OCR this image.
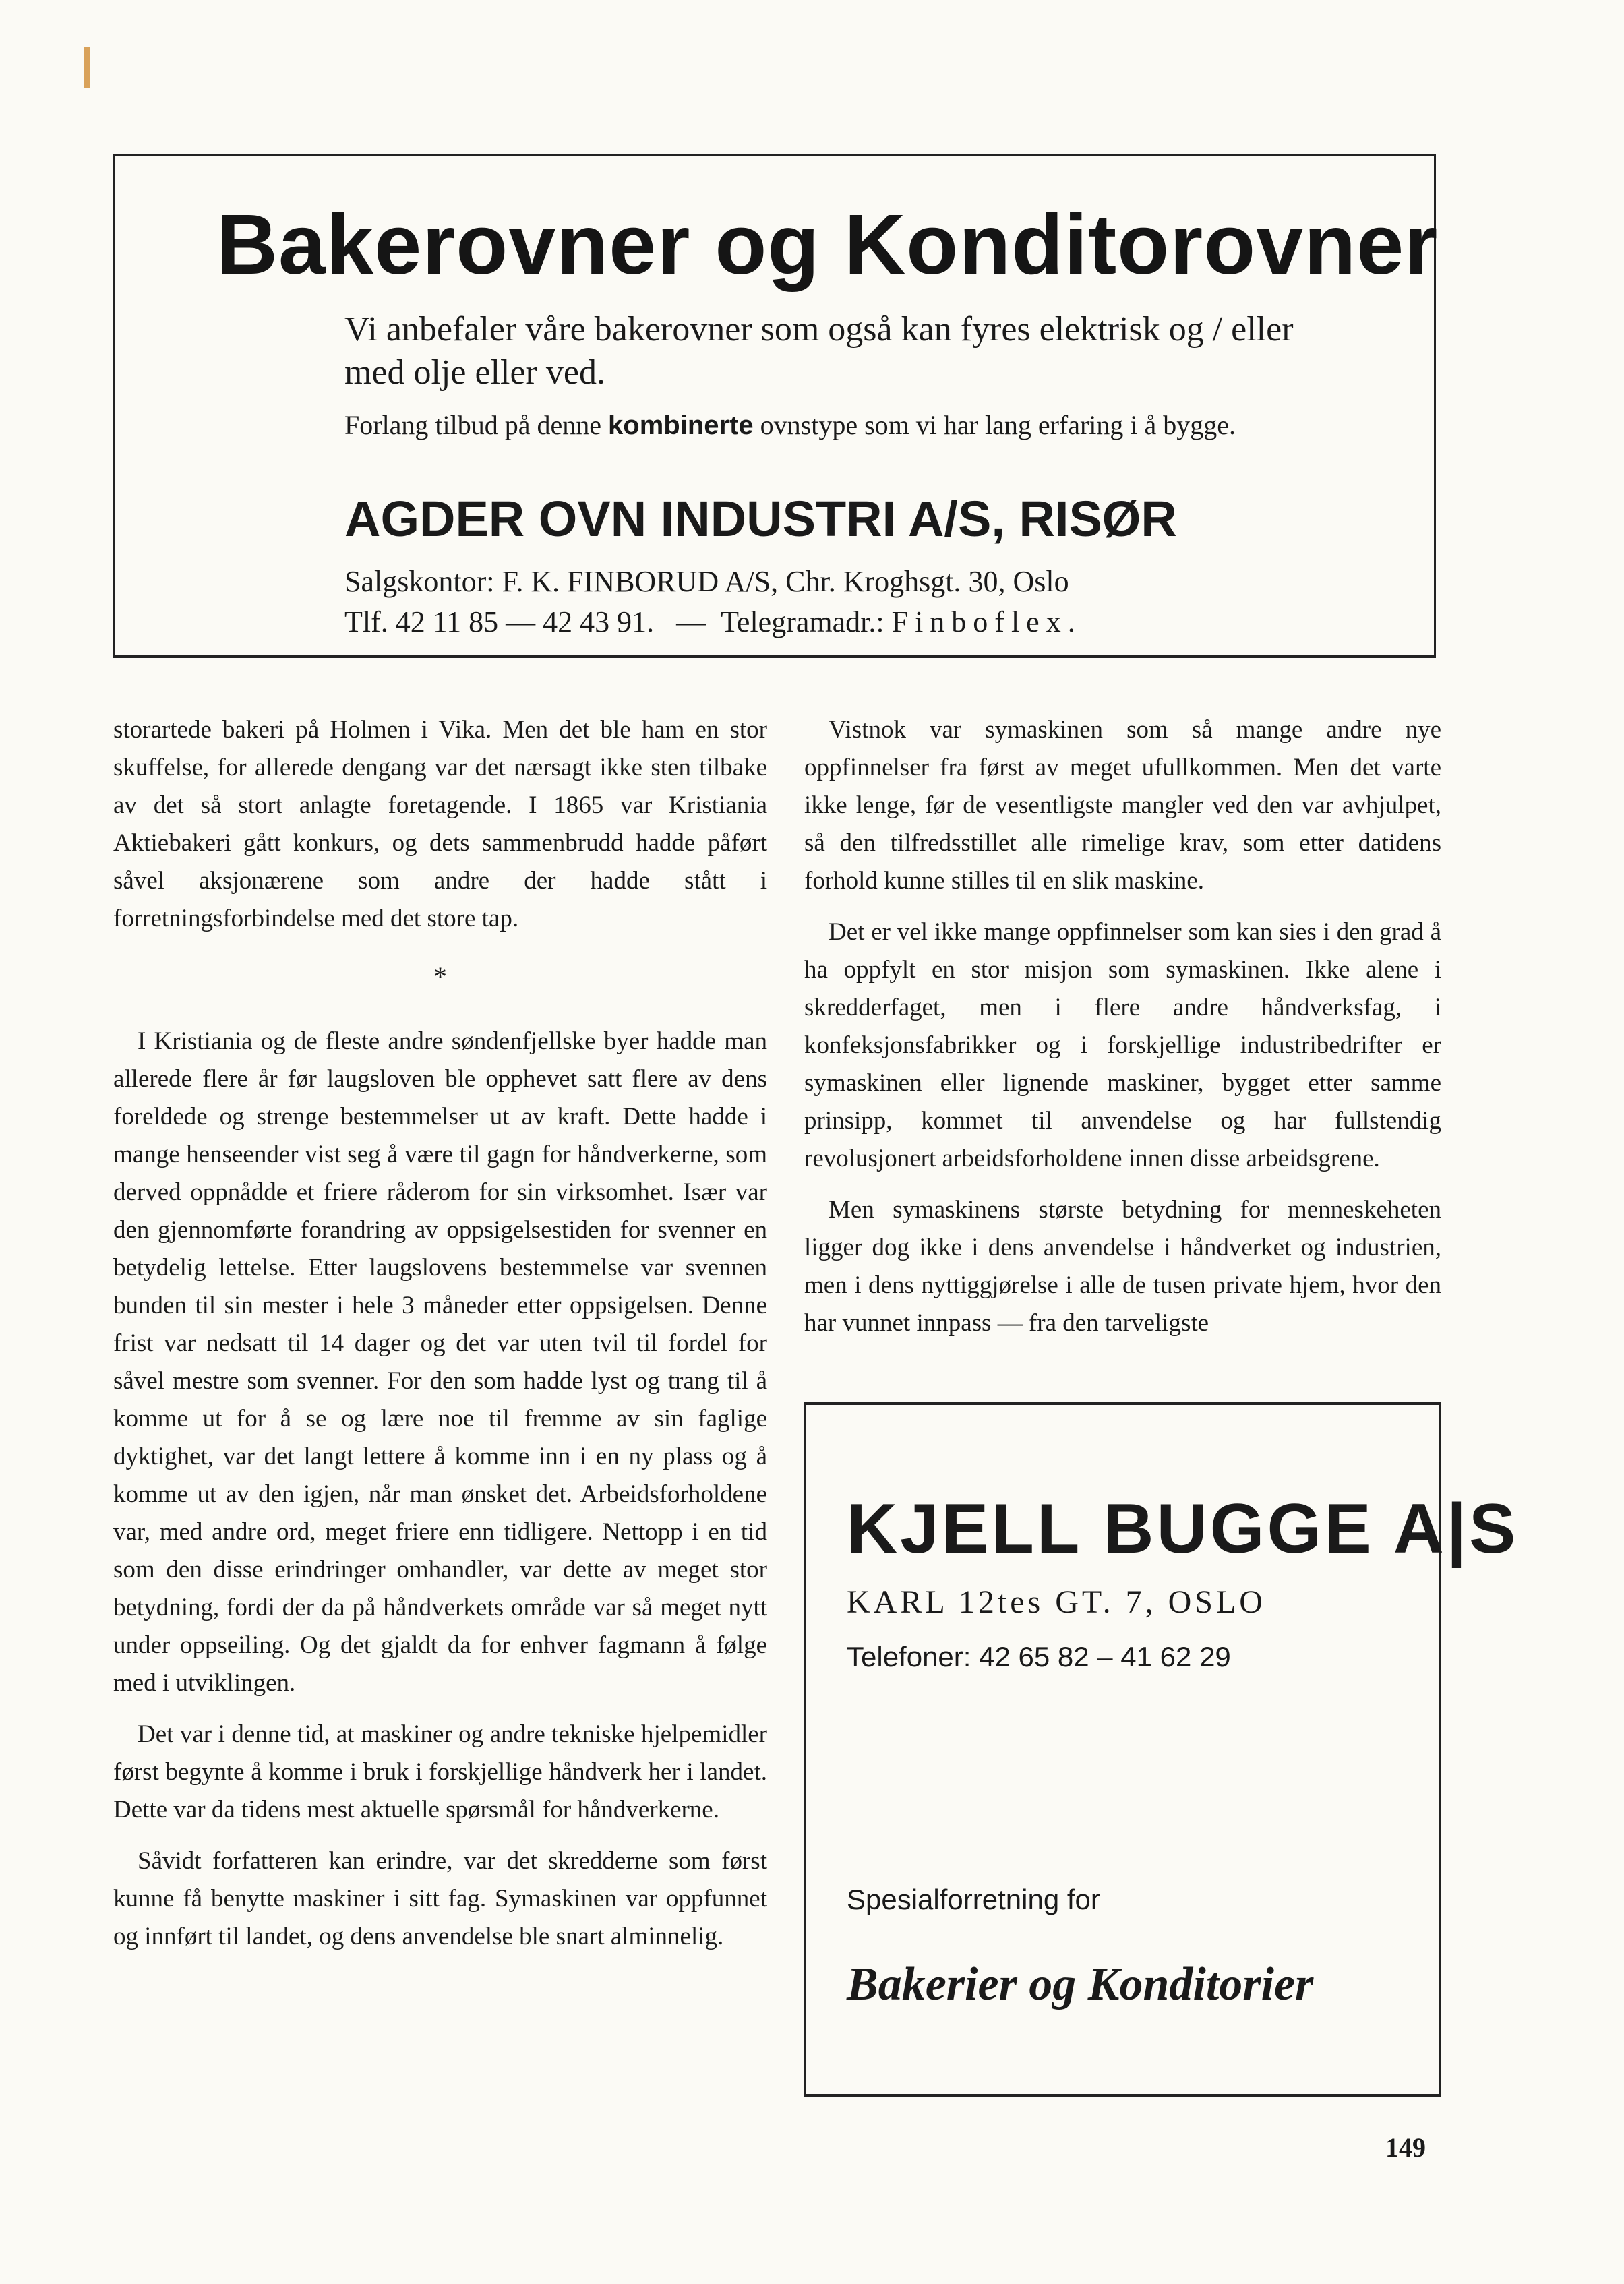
Bakerovner og Konditorovner
Vi anbefaler våre bakerovner som også kan fyres elektrisk og / eller med olje eller ved.
Forlang tilbud på denne kombinerte ovnstype som vi har lang erfaring i å bygge.
AGDER OVN INDUSTRI A/S, RISØR
Salgskontor: F. K. FINBORUD A/S, Chr. Kroghsgt. 30, Oslo
Tlf. 42 11 85 — 42 43 91.   —  Telegramadr.: Finboflex.

storartede bakeri på Holmen i Vika. Men det ble ham en stor skuffelse, for allerede dengang var det nærsagt ikke sten tilbake av det så stort anlagte foretagende. I 1865 var Kristiania Aktiebakeri gått konkurs, og dets sammenbrudd hadde påført såvel aksjonærene som andre der hadde stått i forretningsforbindelse med det store tap.

*

I Kristiania og de fleste andre søndenfjellske byer hadde man allerede flere år før laugsloven ble opphevet satt flere av dens foreldede og strenge bestemmelser ut av kraft. Dette hadde i mange henseender vist seg å være til gagn for håndverkerne, som derved oppnådde et friere råderom for sin virksomhet. Især var den gjennomførte forandring av oppsigelsestiden for svenner en betydelig lettelse. Etter laugslovens bestemmelse var svennen bunden til sin mester i hele 3 måneder etter oppsigelsen. Denne frist var nedsatt til 14 dager og det var uten tvil til fordel for såvel mestre som svenner. For den som hadde lyst og trang til å komme ut for å se og lære noe til fremme av sin faglige dyktighet, var det langt lettere å komme inn i en ny plass og å komme ut av den igjen, når man ønsket det. Arbeidsforholdene var, med andre ord, meget friere enn tidligere. Nettopp i en tid som den disse erindringer omhandler, var dette av meget stor betydning, fordi der da på håndverkets område var så meget nytt under oppseiling. Og det gjaldt da for enhver fagmann å følge med i utviklingen.

Det var i denne tid, at maskiner og andre tekniske hjelpemidler først begynte å komme i bruk i forskjellige håndverk her i landet. Dette var da tidens mest aktuelle spørsmål for håndverkerne.

Såvidt forfatteren kan erindre, var det skredderne som først kunne få benytte maskiner i sitt fag. Symaskinen var oppfunnet og innført til landet, og dens anvendelse ble snart alminnelig.

Vistnok var symaskinen som så mange andre nye oppfinnelser fra først av meget ufullkommen. Men det varte ikke lenge, før de vesentligste mangler ved den var avhjulpet, så den tilfredsstillet alle rimelige krav, som etter datidens forhold kunne stilles til en slik maskine.

Det er vel ikke mange oppfinnelser som kan sies i den grad å ha oppfylt en stor misjon som symaskinen. Ikke alene i skredderfaget, men i flere andre håndverksfag, i konfeksjonsfabrikker og i forskjellige industribedrifter er symaskinen eller lignende maskiner, bygget etter samme prinsipp, kommet til anvendelse og har fullstendig revolusjonert arbeidsforholdene innen disse arbeidsgrene.

Men symaskinens største betydning for menneskeheten ligger dog ikke i dens anvendelse i håndverket og industrien, men i dens nyttiggjørelse i alle de tusen private hjem, hvor den har vunnet innpass — fra den tarveligste

KJELL BUGGE A|S
KARL 12tes GT. 7, OSLO
Telefoner: 42 65 82 – 41 62 29
Spesialforretning for
Bakerier og Konditorier
149
